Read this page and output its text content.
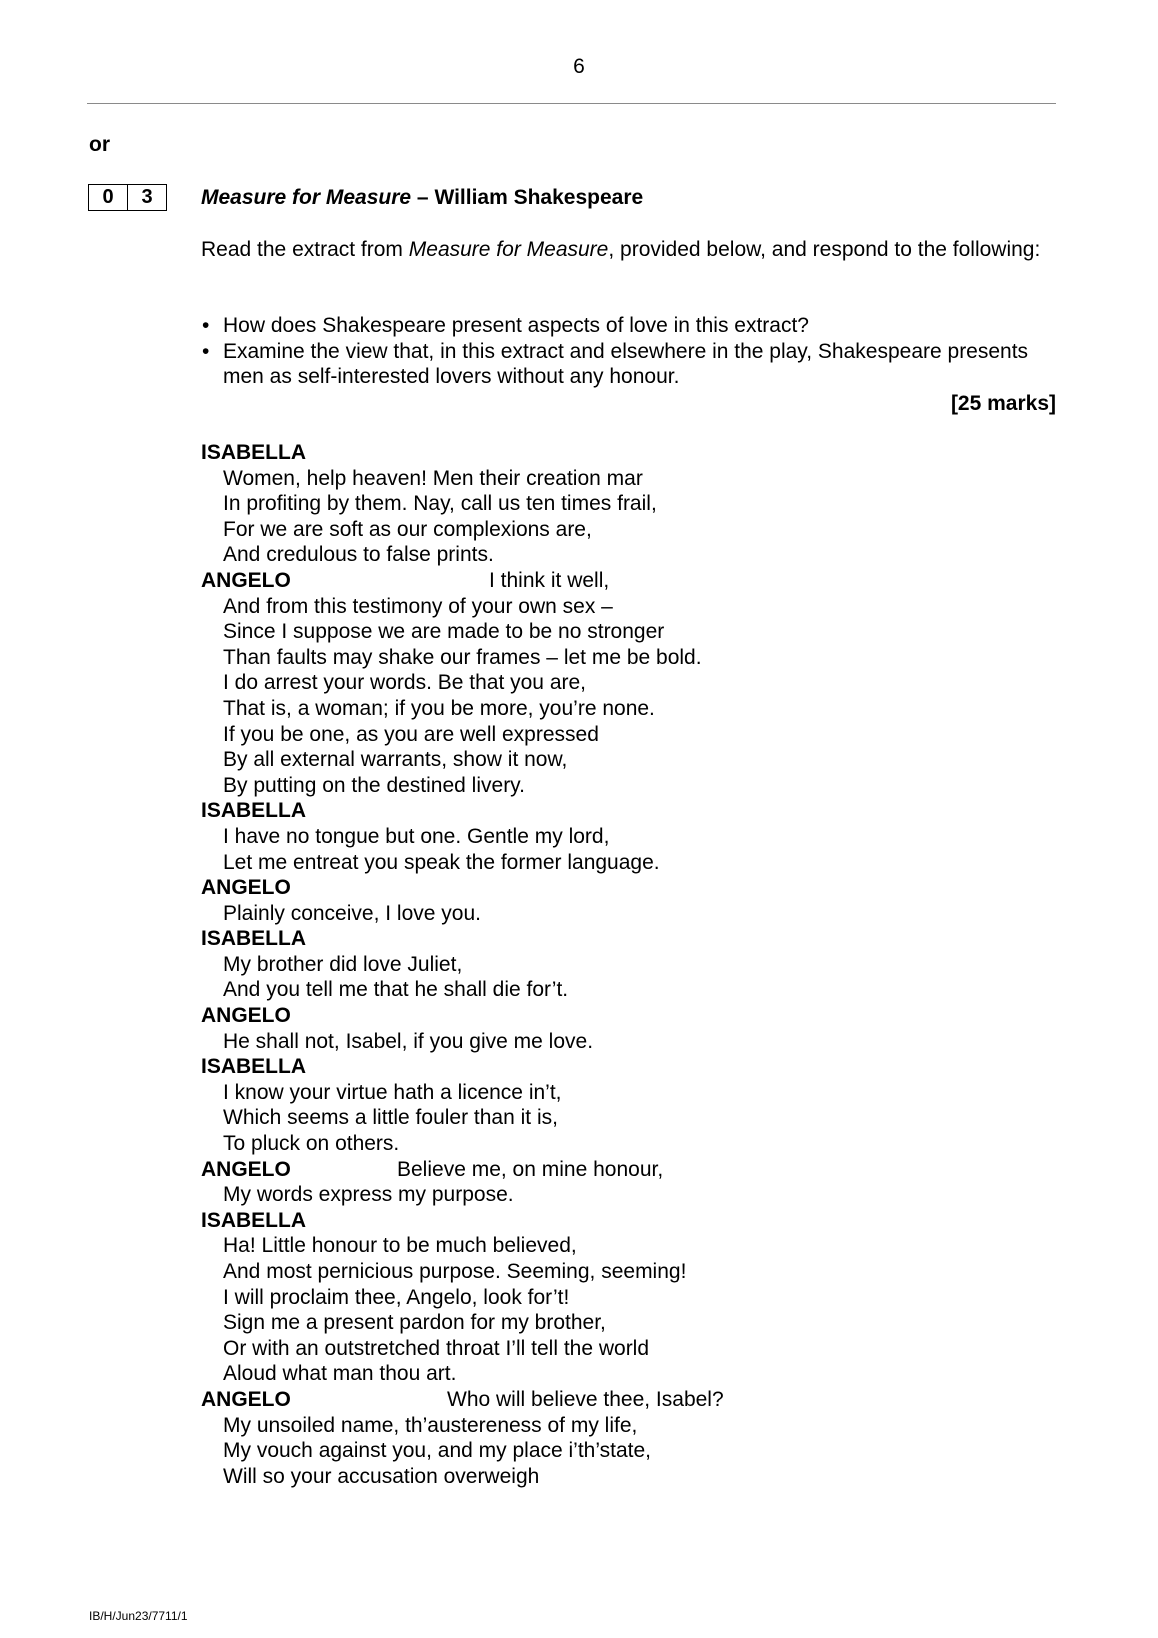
6
or
0	3	Measure for Measure – William Shakespeare
Read the extract from Measure for Measure, provided below, and respond to the following:
• How does Shakespeare present aspects of love in this extract?
• Examine the view that, in this extract and elsewhere in the play, Shakespeare presents men as self-interested lovers without any honour.
[25 marks]
ISABELLA
Women, help heaven! Men their creation mar
In profiting by them. Nay, call us ten times frail,
For we are soft as our complexions are,
And credulous to false prints.
ANGELO	I think it well,
And from this testimony of your own sex –
Since I suppose we are made to be no stronger
Than faults may shake our frames – let me be bold.
I do arrest your words. Be that you are,
That is, a woman; if you be more, you’re none.
If you be one, as you are well expressed
By all external warrants, show it now,
By putting on the destined livery.
ISABELLA
I have no tongue but one. Gentle my lord,
Let me entreat you speak the former language.
ANGELO
Plainly conceive, I love you.
ISABELLA
My brother did love Juliet,
And you tell me that he shall die for’t.
ANGELO
He shall not, Isabel, if you give me love.
ISABELLA
I know your virtue hath a licence in’t,
Which seems a little fouler than it is,
To pluck on others.
ANGELO	Believe me, on mine honour,
My words express my purpose.
ISABELLA
Ha! Little honour to be much believed,
And most pernicious purpose. Seeming, seeming!
I will proclaim thee, Angelo, look for’t!
Sign me a present pardon for my brother,
Or with an outstretched throat I’ll tell the world
Aloud what man thou art.
ANGELO	Who will believe thee, Isabel?
My unsoiled name, th’austereness of my life,
My vouch against you, and my place i’th’state,
Will so your accusation overweigh
IB/H/Jun23/7711/1
